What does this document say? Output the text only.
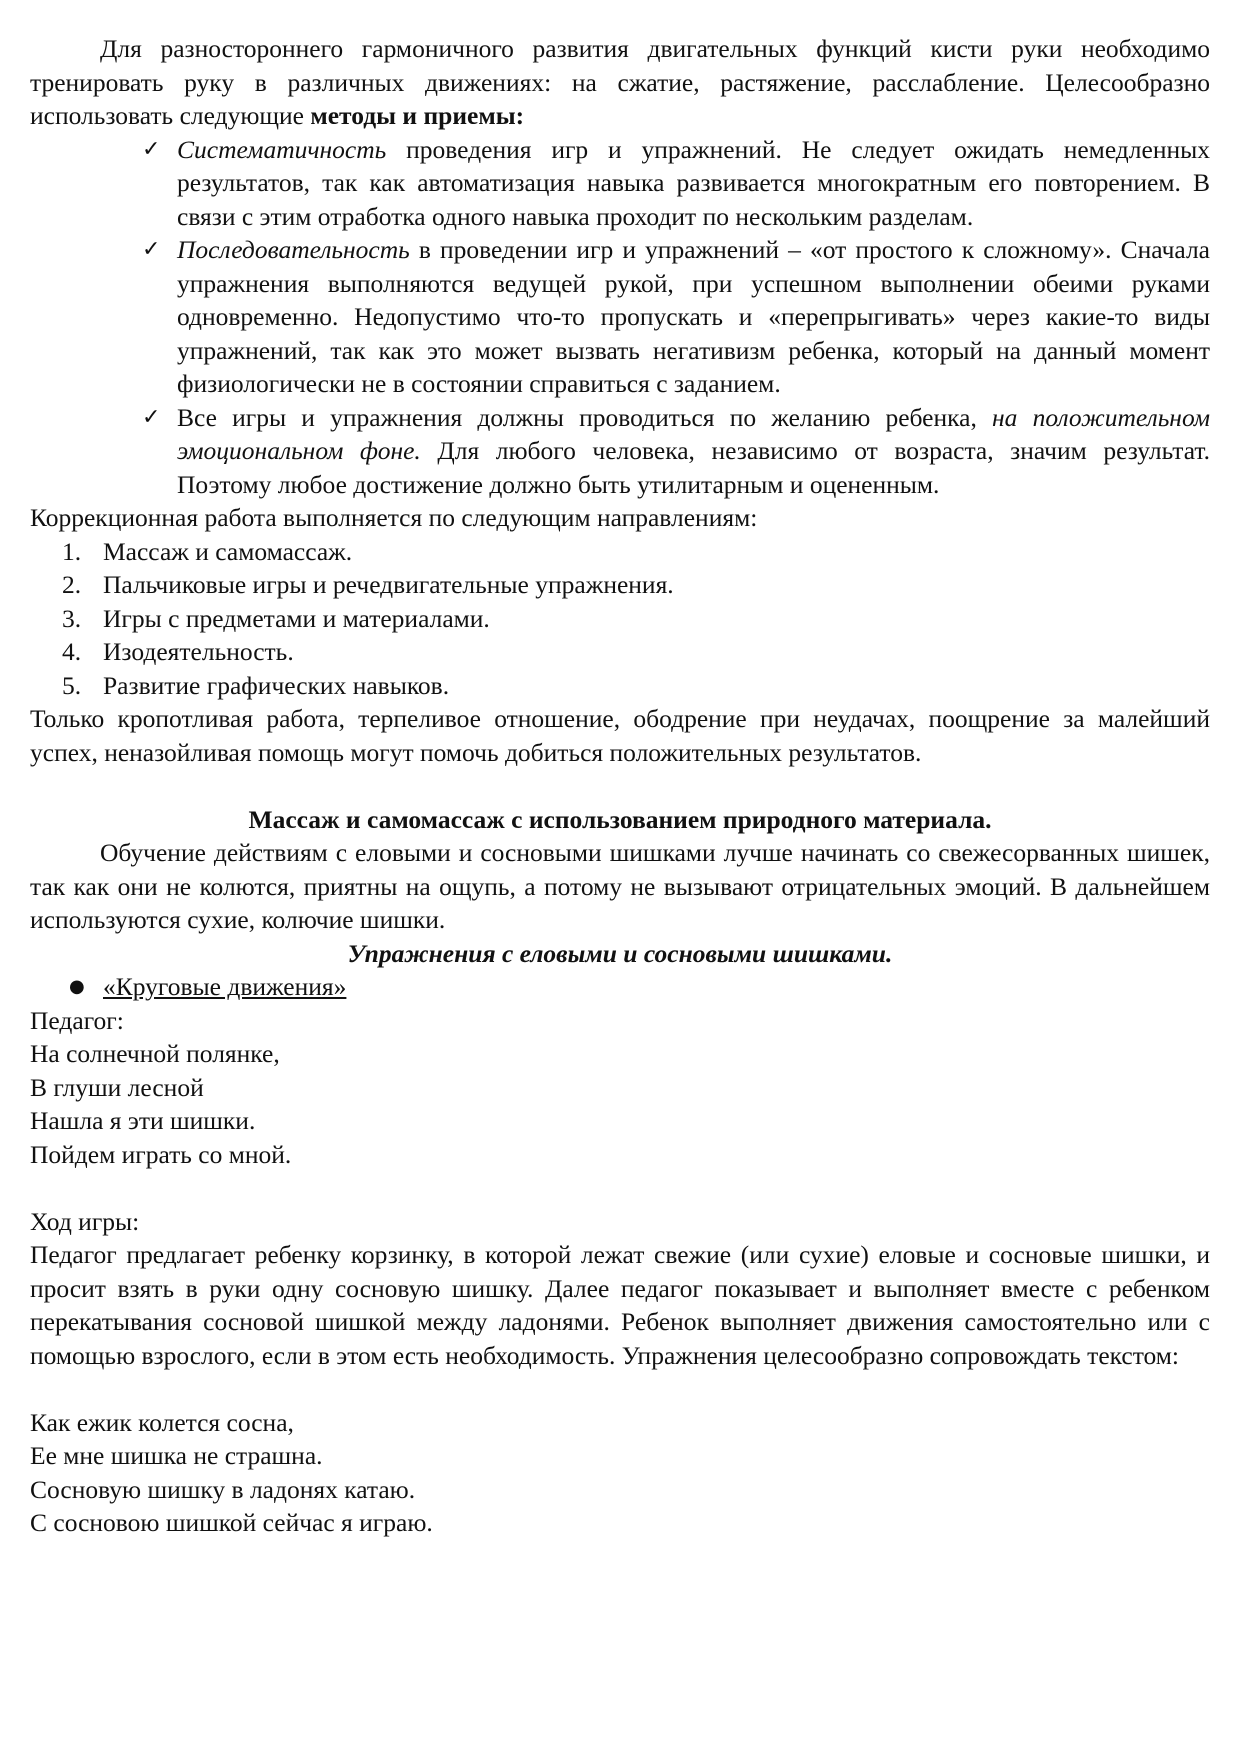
Для разностороннего гармоничного развития двигательных функций кисти руки необходимо тренировать руку в различных движениях: на сжатие, растяжение, расслабление. Целесообразно использовать следующие методы и приемы:

✓ Систематичность проведения игр и упражнений. Не следует ожидать немедленных результатов, так как автоматизация навыка развивается многократным его повторением. В связи с этим отработка одного навыка проходит по нескольким разделам.
✓ Последовательность в проведении игр и упражнений – «от простого к сложному». Сначала упражнения выполняются ведущей рукой, при успешном выполнении обеими руками одновременно. Недопустимо что-то пропускать и «перепрыгивать» через какие-то виды упражнений, так как это может вызвать негативизм ребенка, который на данный момент физиологически не в состоянии справиться с заданием.
✓ Все игры и упражнения должны проводиться по желанию ребенка, на положительном эмоциональном фоне. Для любого человека, независимо от возраста, значим результат. Поэтому любое достижение должно быть утилитарным и оцененным.

Коррекционная работа выполняется по следующим направлениям:

1. Массаж и самомассаж.
2. Пальчиковые игры и речедвигательные упражнения.
3. Игры с предметами и материалами.
4. Изодеятельность.
5. Развитие графических навыков.

Только кропотливая работа, терпеливое отношение, ободрение при неудачах, поощрение за малейший успех, неназойливая помощь могут помочь добиться положительных результатов.

Массаж и самомассаж с использованием природного материала.

Обучение действиям с еловыми и сосновыми шишками лучше начинать со свежесорванных шишек, так как они не колются, приятны на ощупь, а потому не вызывают отрицательных эмоций. В дальнейшем используются сухие, колючие шишки.

Упражнения с еловыми и сосновыми шишками.

● «Круговые движения»

Педагог:

На солнечной полянке,

В глуши лесной

Нашла я эти шишки.

Пойдем играть со мной.

Ход игры:

Педагог предлагает ребенку корзинку, в которой лежат свежие (или сухие) еловые и сосновые шишки, и просит взять в руки одну сосновую шишку. Далее педагог показывает и выполняет вместе с ребенком перекатывания сосновой шишкой между ладонями. Ребенок выполняет движения самостоятельно или с помощью взрослого, если в этом есть необходимость. Упражнения целесообразно сопровождать текстом:

Как ежик колется сосна,

Ее мне шишка не страшна.

Сосновую шишку в ладонях катаю.

С сосновою шишкой сейчас я играю.
